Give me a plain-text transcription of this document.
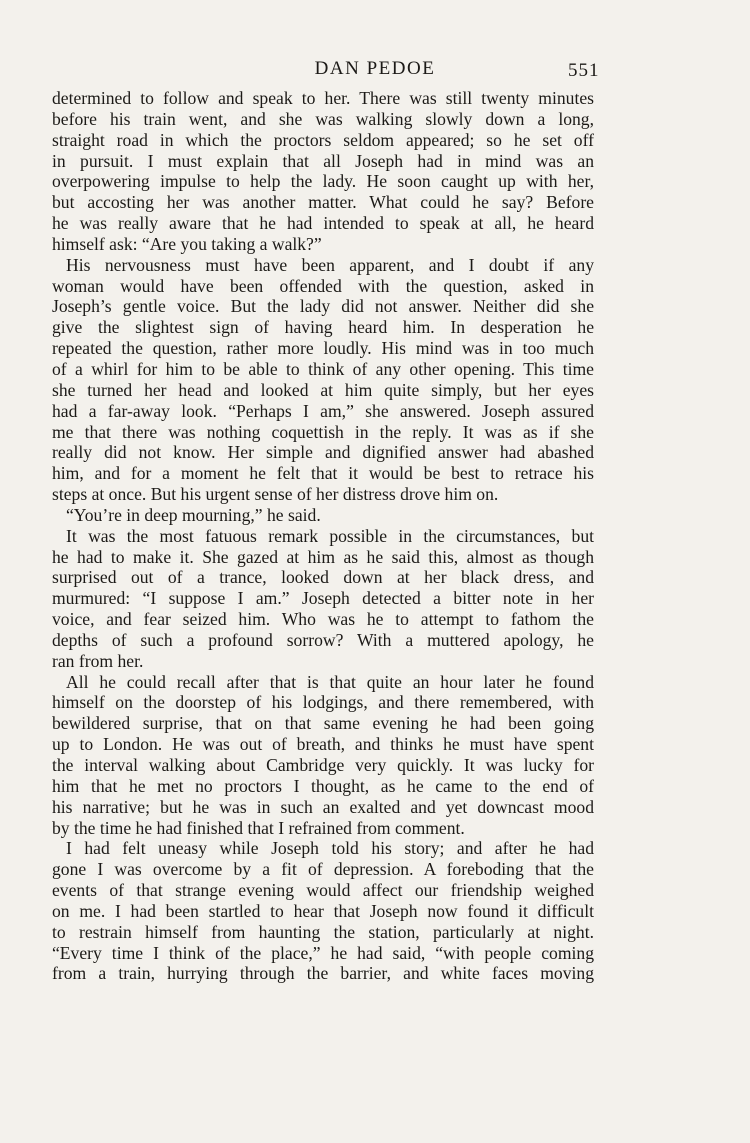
DAN PEDOE	551
determined to follow and speak to her. There was still twenty minutes
before his train went, and she was walking slowly down a long,
straight road in which the proctors seldom appeared; so he set off
in pursuit. I must explain that all Joseph had in mind was an
overpowering impulse to help the lady. He soon caught up with her,
but accosting her was another matter. What could he say? Before
he was really aware that he had intended to speak at all, he heard
himself ask: “Are you taking a walk?”
His nervousness must have been apparent, and I doubt if any
woman would have been offended with the question, asked in
Joseph’s gentle voice. But the lady did not answer. Neither did she
give the slightest sign of having heard him. In desperation he
repeated the question, rather more loudly. His mind was in too much
of a whirl for him to be able to think of any other opening. This time
she turned her head and looked at him quite simply, but her eyes
had a far-away look. “Perhaps I am,” she answered. Joseph assured
me that there was nothing coquettish in the reply. It was as if she
really did not know. Her simple and dignified answer had abashed
him, and for a moment he felt that it would be best to retrace his
steps at once. But his urgent sense of her distress drove him on.
“You’re in deep mourning,” he said.
It was the most fatuous remark possible in the circumstances, but
he had to make it. She gazed at him as he said this, almost as though
surprised out of a trance, looked down at her black dress, and
murmured: “I suppose I am.” Joseph detected a bitter note in her
voice, and fear seized him. Who was he to attempt to fathom the
depths of such a profound sorrow? With a muttered apology, he
ran from her.
All he could recall after that is that quite an hour later he found
himself on the doorstep of his lodgings, and there remembered, with
bewildered surprise, that on that same evening he had been going
up to London. He was out of breath, and thinks he must have spent
the interval walking about Cambridge very quickly. It was lucky for
him that he met no proctors I thought, as he came to the end of
his narrative; but he was in such an exalted and yet downcast mood
by the time he had finished that I refrained from comment.
I had felt uneasy while Joseph told his story; and after he had
gone I was overcome by a fit of depression. A foreboding that the
events of that strange evening would affect our friendship weighed
on me. I had been startled to hear that Joseph now found it difficult
to restrain himself from haunting the station, particularly at night.
“Every time I think of the place,” he had said, “with people coming
from a train, hurrying through the barrier, and white faces moving
